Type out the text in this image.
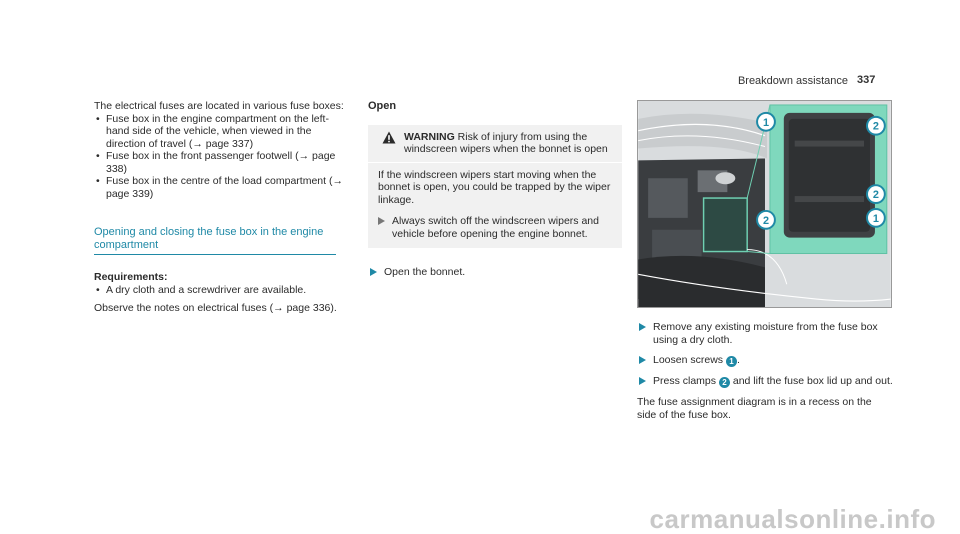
Breakdown assistance 337

The electrical fuses are located in various fuse boxes:

• Fuse box in the engine compartment on the left-hand side of the vehicle, when viewed in the direction of travel (→ page 337)
• Fuse box in the front passenger footwell (→ page 338)
• Fuse box in the centre of the load compartment (→ page 339)
Opening and closing the fuse box in the engine compartment

Requirements:

• A dry cloth and a screwdriver are available.

Observe the notes on electrical fuses (→ page 336).

Open

WARNING Risk of injury from using the windscreen wipers when the bonnet is open

If the windscreen wipers start moving when the bonnet is open, you could be trapped by the wiper linkage.

Always switch off the windscreen wipers and vehicle before opening the engine bonnet.
Open the bonnet.
1	2
2
2	1
Remove any existing moisture from the fuse box using a dry cloth.
Loosen screws 1 .
Press clamps 2 and lift the fuse box lid up and out.

The fuse assignment diagram is in a recess on the side of the fuse box.

carmanualsonline.info
